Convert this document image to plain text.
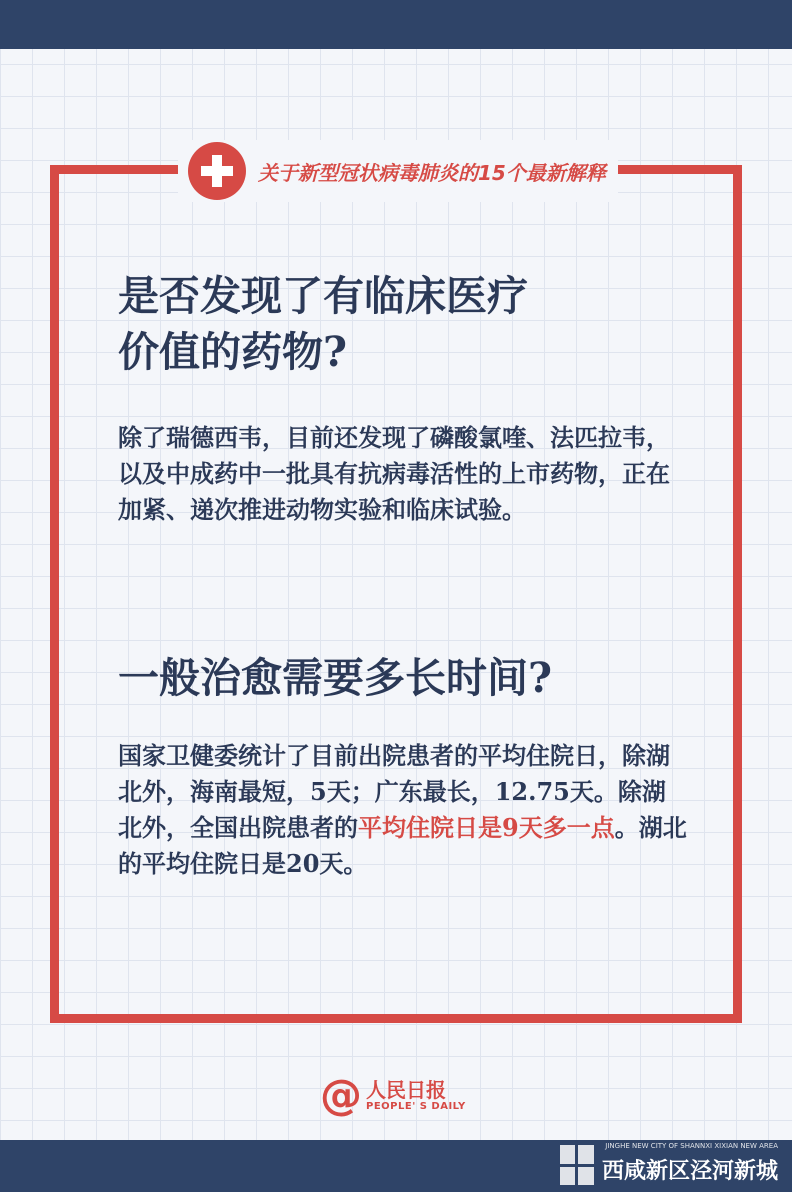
关于新型冠状病毒肺炎的15个最新解释
是否发现了有临床医疗
价值的药物?

除了瑞德西韦，目前还发现了磷酸氯喹、法匹拉韦，以及中成药中一批具有抗病毒活性的上市药物，正在加紧、递次推进动物实验和临床试验。

一般治愈需要多长时间?

国家卫健委统计了目前出院患者的平均住院日，除湖北外，海南最短，5天；广东最长，12.75天。除湖北外，全国出院患者的平均住院日是9天多一点。湖北的平均住院日是20天。

@ 人民日报
PEOPLE' S DAILY
JINGHE NEW CITY OF SHANNXI XIXIAN NEW AREA
西咸新区泾河新城
